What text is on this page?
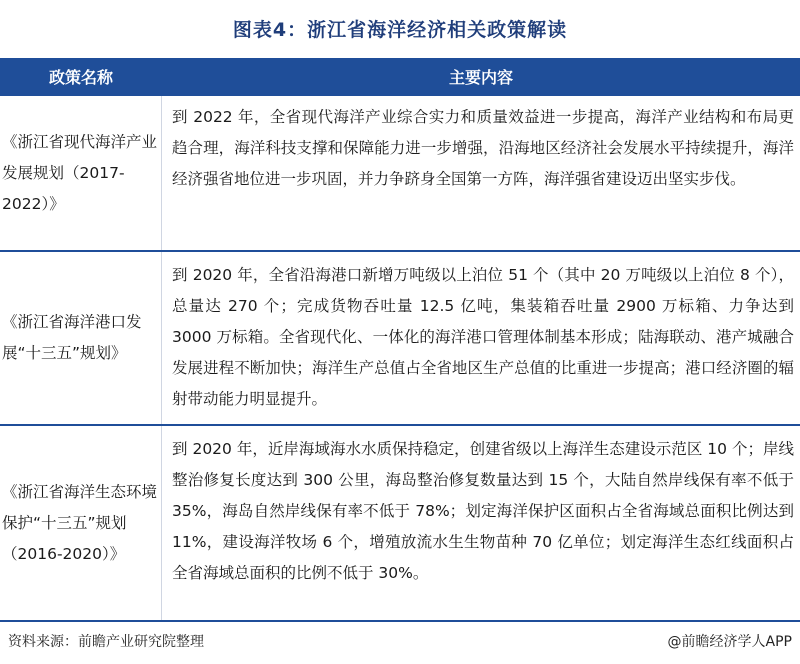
图表4：浙江省海洋经济相关政策解读
政策名称	主要内容
《浙江省现代海洋产业发展规划（2017-2022）》
到 2022 年，全省现代海洋产业综合实力和质量效益进一步提高，海洋产业结构和布局更趋合理，海洋科技支撑和保障能力进一步增强，沿海地区经济社会发展水平持续提升，海洋经济强省地位进一步巩固，并力争跻身全国第一方阵，海洋强省建设迈出坚实步伐。
《浙江省海洋港口发展“十三五”规划》
到 2020 年，全省沿海港口新增万吨级以上泊位 51 个（其中 20 万吨级以上泊位 8 个），总量达 270 个；完成货物吞吐量 12.5 亿吨，集装箱吞吐量 2900 万标箱、力争达到 3000 万标箱。全省现代化、一体化的海洋港口管理体制基本形成；陆海联动、港产城融合发展进程不断加快；海洋生产总值占全省地区生产总值的比重进一步提高；港口经济圈的辐射带动能力明显提升。
《浙江省海洋生态环境保护“十三五”规划（2016-2020）》
到 2020 年，近岸海域海水水质保持稳定，创建省级以上海洋生态建设示范区 10 个；岸线整治修复长度达到 300 公里，海岛整治修复数量达到 15 个，大陆自然岸线保有率不低于 35%，海岛自然岸线保有率不低于 78%；划定海洋保护区面积占全省海域总面积比例达到 11%，建设海洋牧场 6 个，增殖放流水生生物苗种 70 亿单位；划定海洋生态红线面积占全省海域总面积的比例不低于 30%。
资料来源：前瞻产业研究院整理	@前瞻经济学人APP
